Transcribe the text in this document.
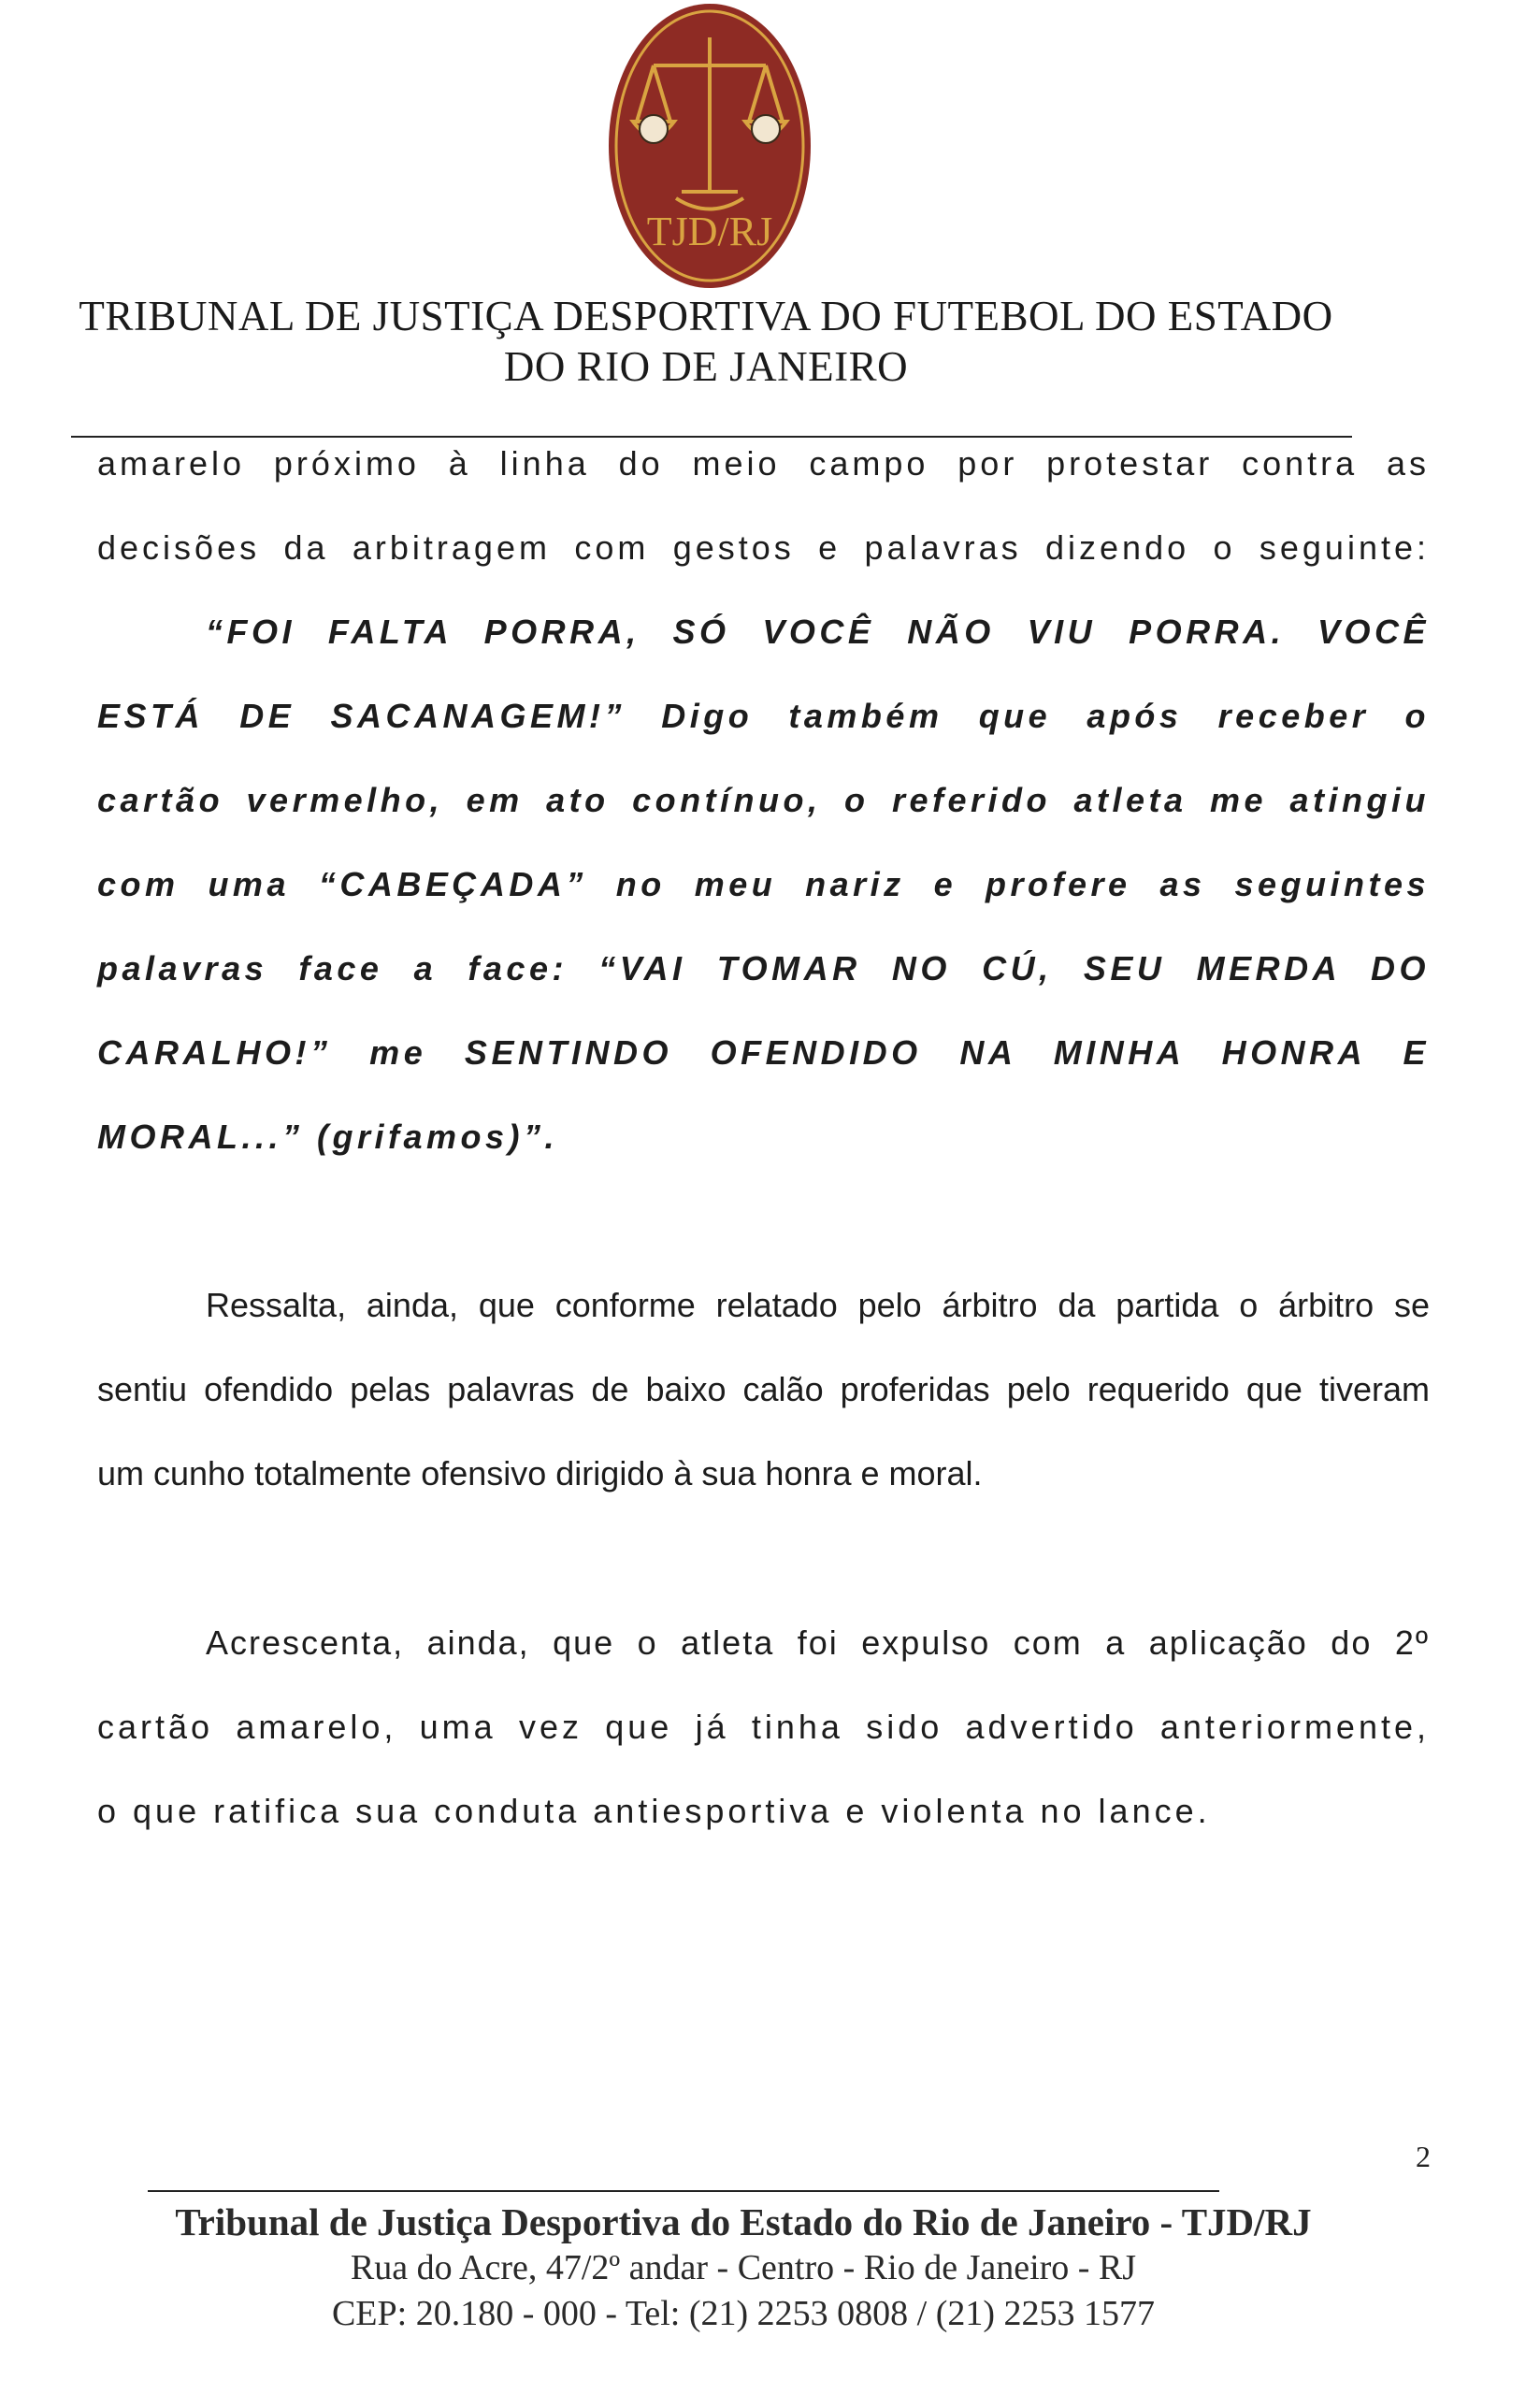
TJD/RJ
TRIBUNAL DE JUSTIÇA DESPORTIVA DO FUTEBOL DO ESTADO
DO RIO DE JANEIRO
amarelo próximo à linha do meio campo por protestar contra as
decisões da arbitragem com gestos e palavras dizendo o seguinte:
“FOI FALTA PORRA, SÓ VOCÊ NÃO VIU PORRA. VOCÊ
ESTÁ DE SACANAGEM!” Digo também que após receber o
cartão vermelho, em ato contínuo, o referido atleta me atingiu
com uma “CABEÇADA” no meu nariz e profere as seguintes
palavras face a face: “VAI TOMAR NO CÚ, SEU MERDA DO
CARALHO!” me SENTINDO OFENDIDO NA MINHA HONRA E
MORAL...” (grifamos)”.
Ressalta, ainda, que conforme relatado pelo árbitro da partida o árbitro se
sentiu ofendido pelas palavras de baixo calão proferidas pelo requerido que tiveram
um cunho totalmente ofensivo dirigido à sua honra e moral.
Acrescenta, ainda, que o atleta foi expulso com a aplicação do 2º
cartão amarelo, uma vez que já tinha sido advertido anteriormente,
o que ratifica sua conduta antiesportiva e violenta no lance.
2
Tribunal de Justiça Desportiva do Estado do Rio de Janeiro - TJD/RJ
Rua do Acre, 47/2º andar - Centro - Rio de Janeiro - RJ
CEP: 20.180 - 000 - Tel: (21) 2253 0808 / (21) 2253 1577
